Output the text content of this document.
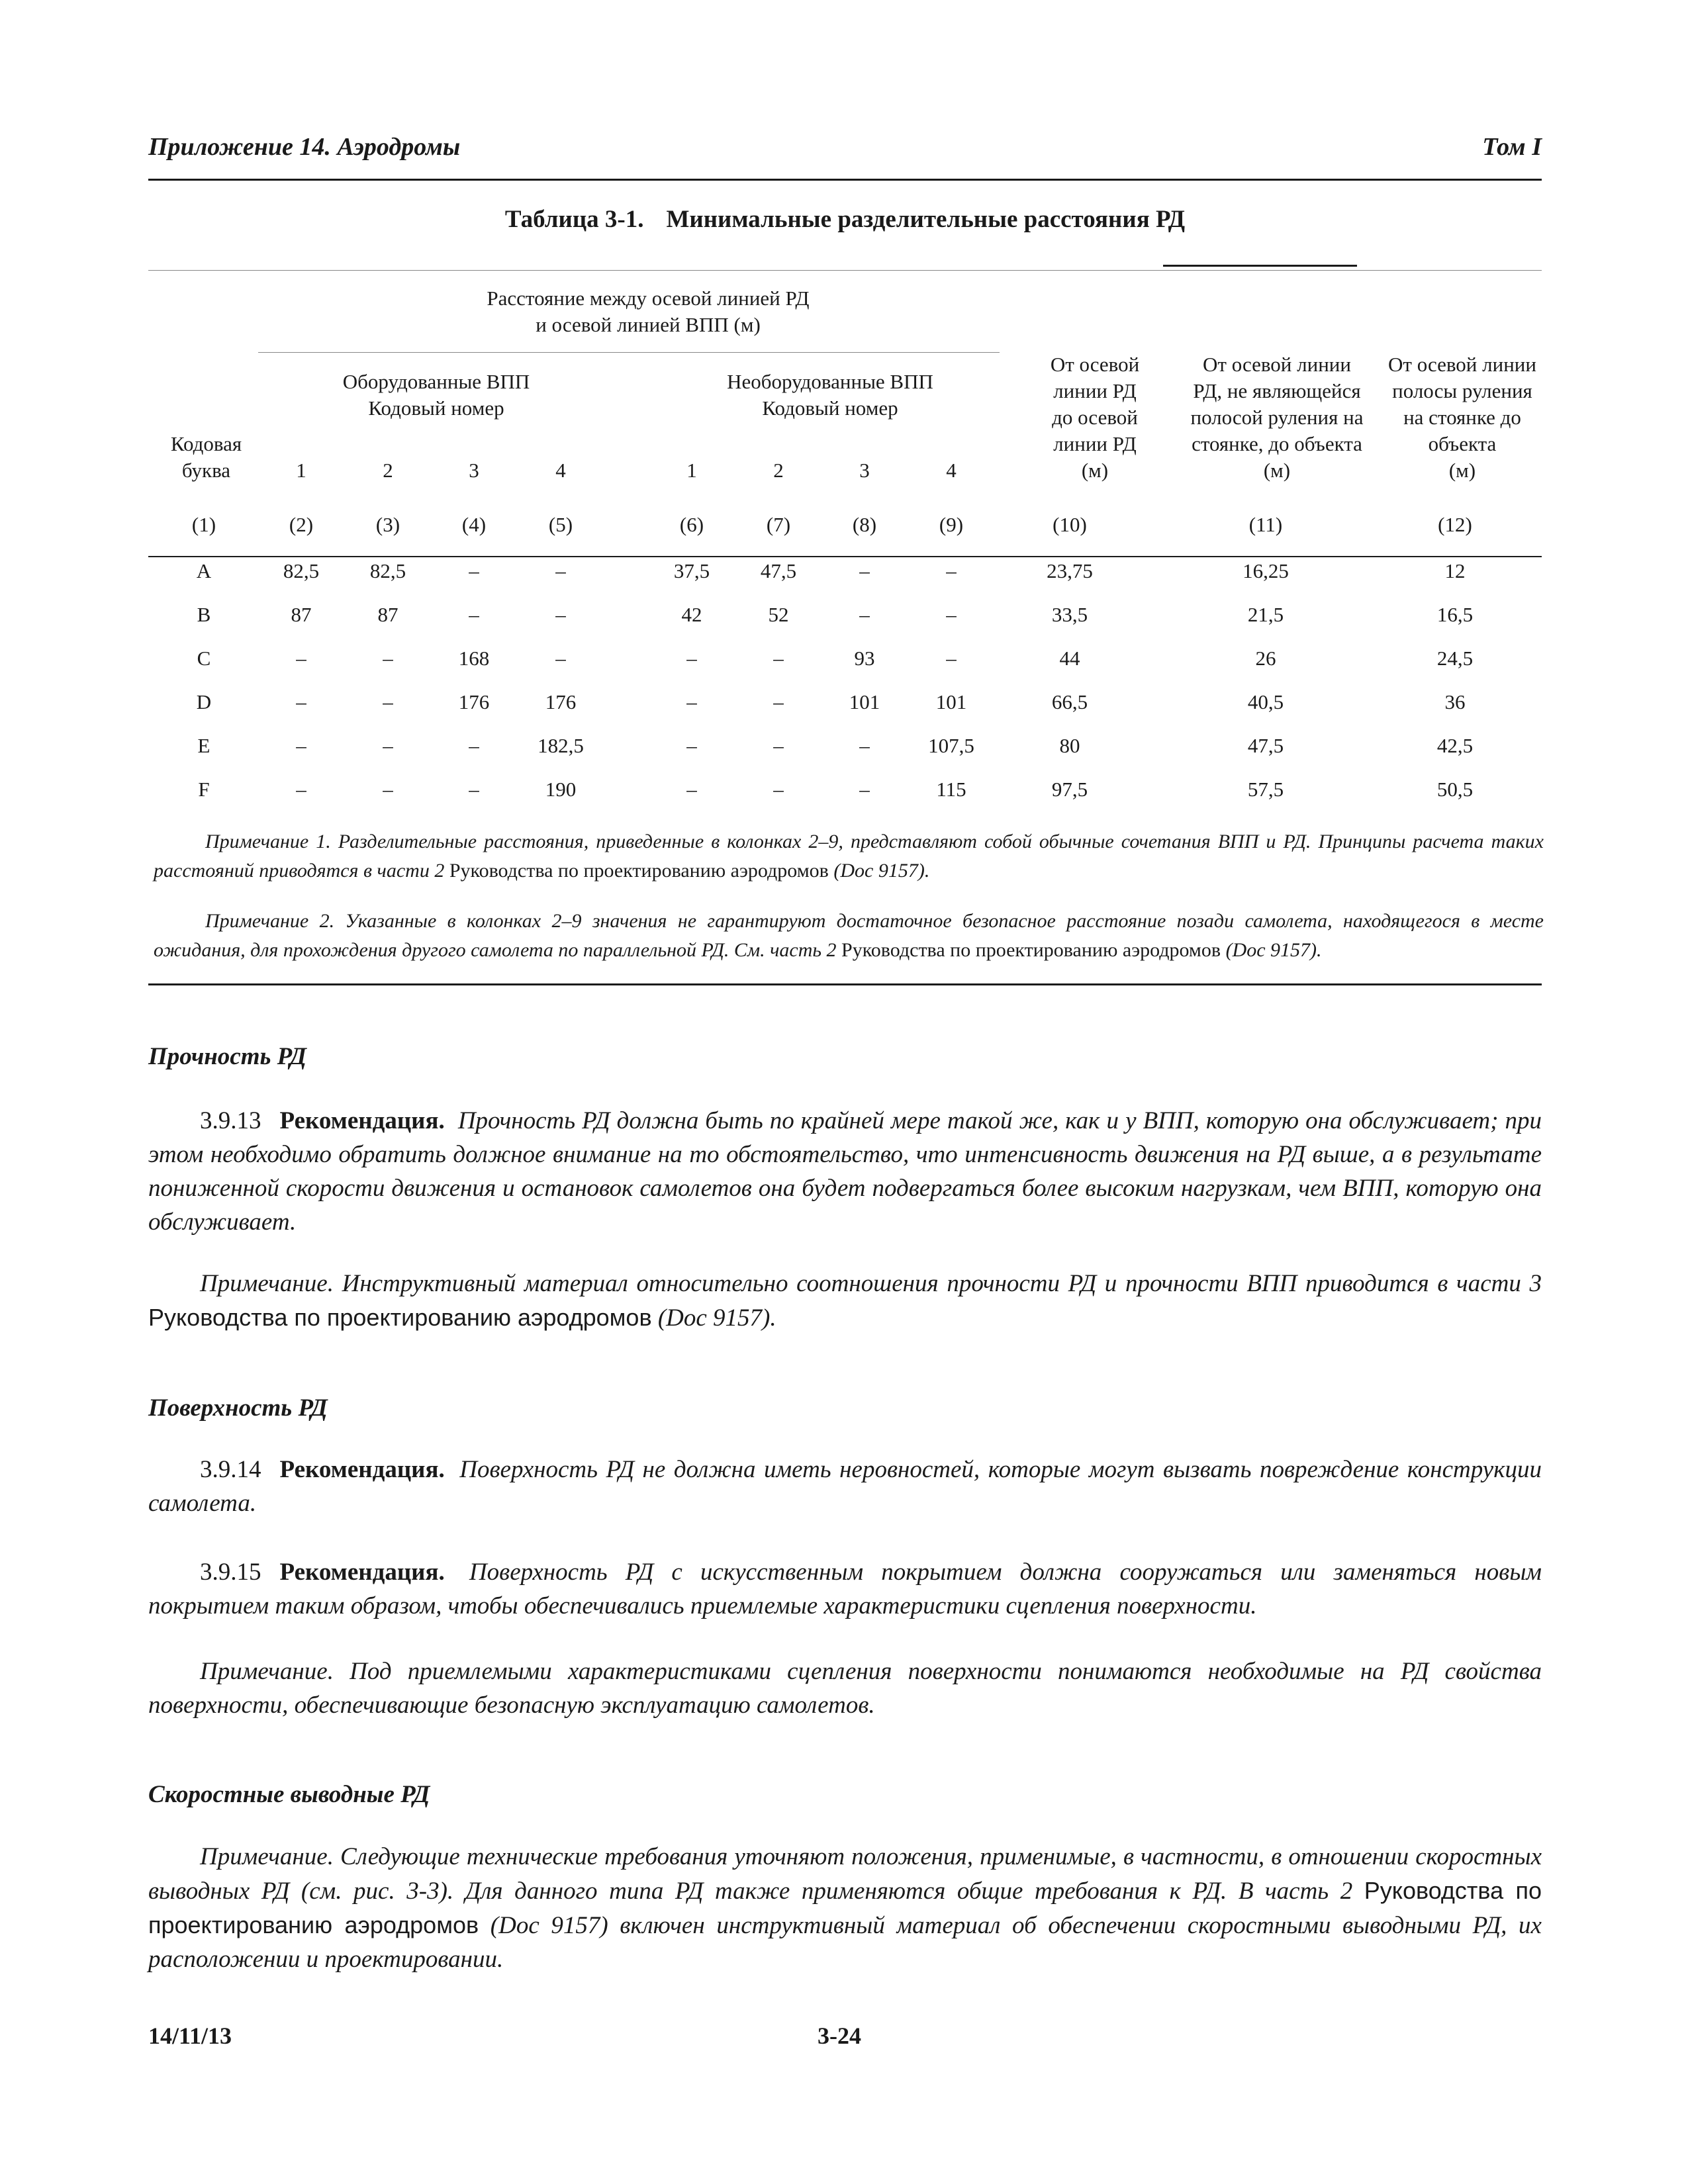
Приложение 14. Аэродромы	Том I
Таблица 3-1. Минимальные разделительные расстояния РД
Расстояние между осевой линией РД
и осевой линией ВПП (м)
Оборудованные ВПП
Кодовый номер
Необорудованные ВПП
Кодовый номер
Кодовая
буква
От осевой
линии РД
до осевой
линии РД
(м)
От осевой линии
РД, не являющейся
полосой руления на
стоянке, до объекта
(м)
От осевой линии
полосы руления
на стоянке до
объекта
(м)
1	2	3	4	1	2	3	4
(1)	(2)	(3)	(4)	(5)	(6)	(7)	(8)	(9)	(10)	(11)	(12)
A	82,5	82,5	–	–	37,5	47,5	–	–	23,75	16,25	12
B	87	87	–	–	42	52	–	–	33,5	21,5	16,5
C	–	–	168	–	–	–	93	–	44	26	24,5
D	–	–	176	176	–	–	101	101	66,5	40,5	36
E	–	–	–	182,5	–	–	–	107,5	80	47,5	42,5
F	–	–	–	190	–	–	–	115	97,5	57,5	50,5
Примечание 1. Разделительные расстояния, приведенные в колонках 2–9, представляют собой обычные сочетания ВПП и РД. Принципы расчета таких расстояний приводятся в части 2 Руководства по проектированию аэродромов (Doc 9157).
Примечание 2. Указанные в колонках 2–9 значения не гарантируют достаточное безопасное расстояние позади самолета, находящегося в месте ожидания, для прохождения другого самолета по параллельной РД. См. часть 2 Руководства по проектированию аэродромов (Doc 9157).
Прочность РД
3.9.13 Рекомендация. Прочность РД должна быть по крайней мере такой же, как и у ВПП, которую она обслуживает; при этом необходимо обратить должное внимание на то обстоятельство, что интенсивность движения на РД выше, а в результате пониженной скорости движения и остановок самолетов она будет подвергаться более высоким нагрузкам, чем ВПП, которую она обслуживает.
Примечание. Инструктивный материал относительно соотношения прочности РД и прочности ВПП приводится в части 3 Руководства по проектированию аэродромов (Doc 9157).
Поверхность РД
3.9.14 Рекомендация. Поверхность РД не должна иметь неровностей, которые могут вызвать повреждение конструкции самолета.
3.9.15 Рекомендация. Поверхность РД с искусственным покрытием должна сооружаться или заменяться новым покрытием таким образом, чтобы обеспечивались приемлемые характеристики сцепления поверхности.
Примечание. Под приемлемыми характеристиками сцепления поверхности понимаются необходимые на РД свойства поверхности, обеспечивающие безопасную эксплуатацию самолетов.
Скоростные выводные РД
Примечание. Следующие технические требования уточняют положения, применимые, в частности, в отношении скоростных выводных РД (см. рис. 3-3). Для данного типа РД также применяются общие требования к РД. В часть 2 Руководства по проектированию аэродромов (Doc 9157) включен инструктивный материал об обеспечении скоростными выводными РД, их расположении и проектировании.
14/11/13	3-24
